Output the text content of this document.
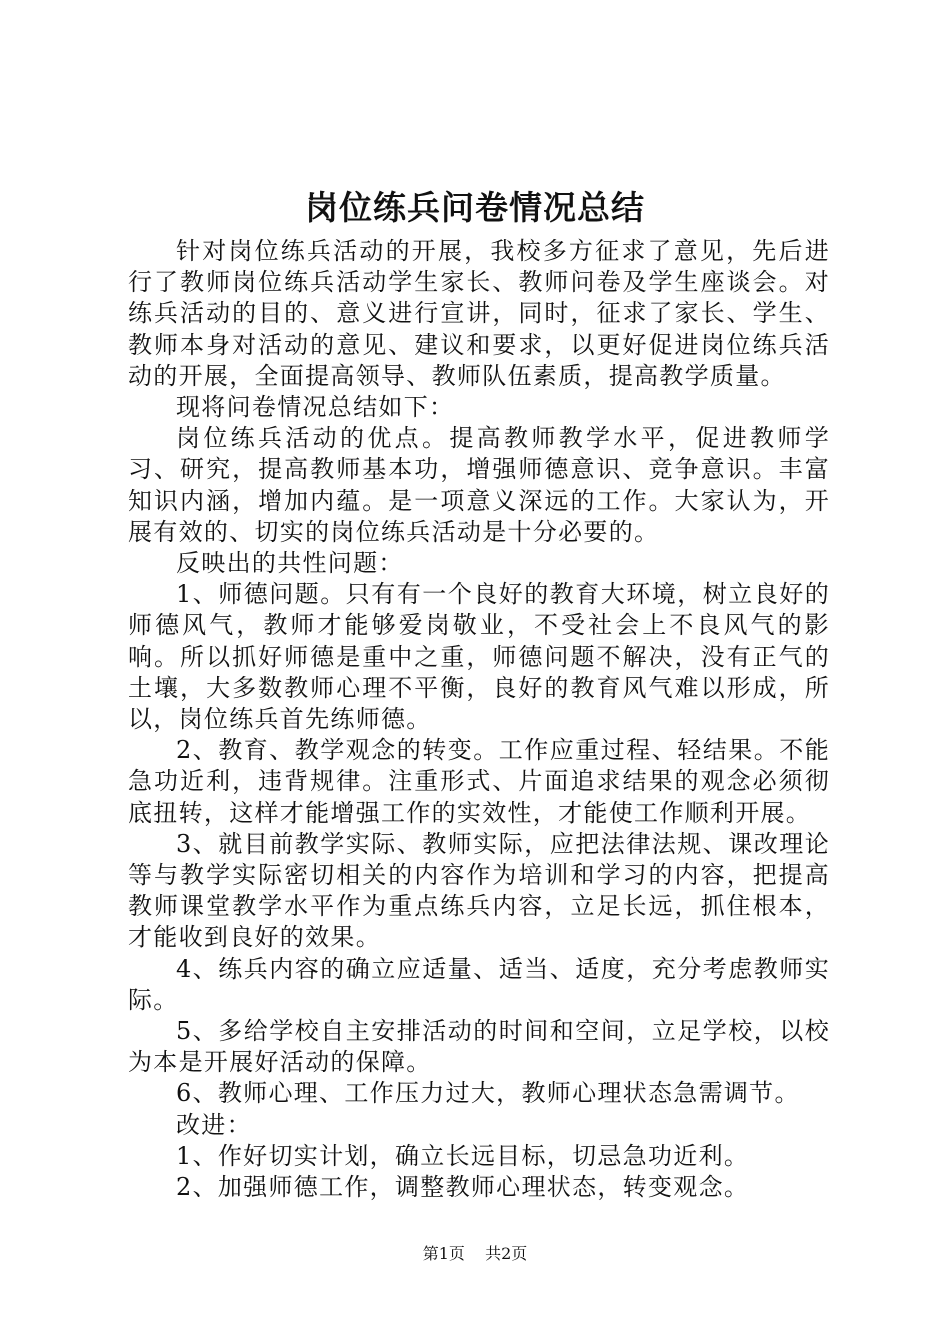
岗位练兵问卷情况总结

针对岗位练兵活动的开展，我校多方征求了意见，先后进行了教师岗位练兵活动学生家长、教师问卷及学生座谈会。对练兵活动的目的、意义进行宣讲，同时，征求了家长、学生、教师本身对活动的意见、建议和要求，以更好促进岗位练兵活动的开展，全面提高领导、教师队伍素质，提高教学质量。

现将问卷情况总结如下：

岗位练兵活动的优点。提高教师教学水平，促进教师学习、研究，提高教师基本功，增强师德意识、竞争意识。丰富知识内涵，增加内蕴。是一项意义深远的工作。大家认为，开展有效的、切实的岗位练兵活动是十分必要的。

反映出的共性问题：

1、师德问题。只有有一个良好的教育大环境，树立良好的师德风气，教师才能够爱岗敬业，不受社会上不良风气的影响。所以抓好师德是重中之重，师德问题不解决，没有正气的土壤，大多数教师心理不平衡，良好的教育风气难以形成，所以，岗位练兵首先练师德。

2、教育、教学观念的转变。工作应重过程、轻结果。不能急功近利，违背规律。注重形式、片面追求结果的观念必须彻底扭转，这样才能增强工作的实效性，才能使工作顺利开展。

3、就目前教学实际、教师实际，应把法律法规、课改理论等与教学实际密切相关的内容作为培训和学习的内容，把提高教师课堂教学水平作为重点练兵内容，立足长远，抓住根本，才能收到良好的效果。

4、练兵内容的确立应适量、适当、适度，充分考虑教师实际。

5、多给学校自主安排活动的时间和空间，立足学校，以校为本是开展好活动的保障。

6、教师心理、工作压力过大，教师心理状态急需调节。

改进：

1、作好切实计划，确立长远目标，切忌急功近利。

2、加强师德工作，调整教师心理状态，转变观念。

第1页 共2页
